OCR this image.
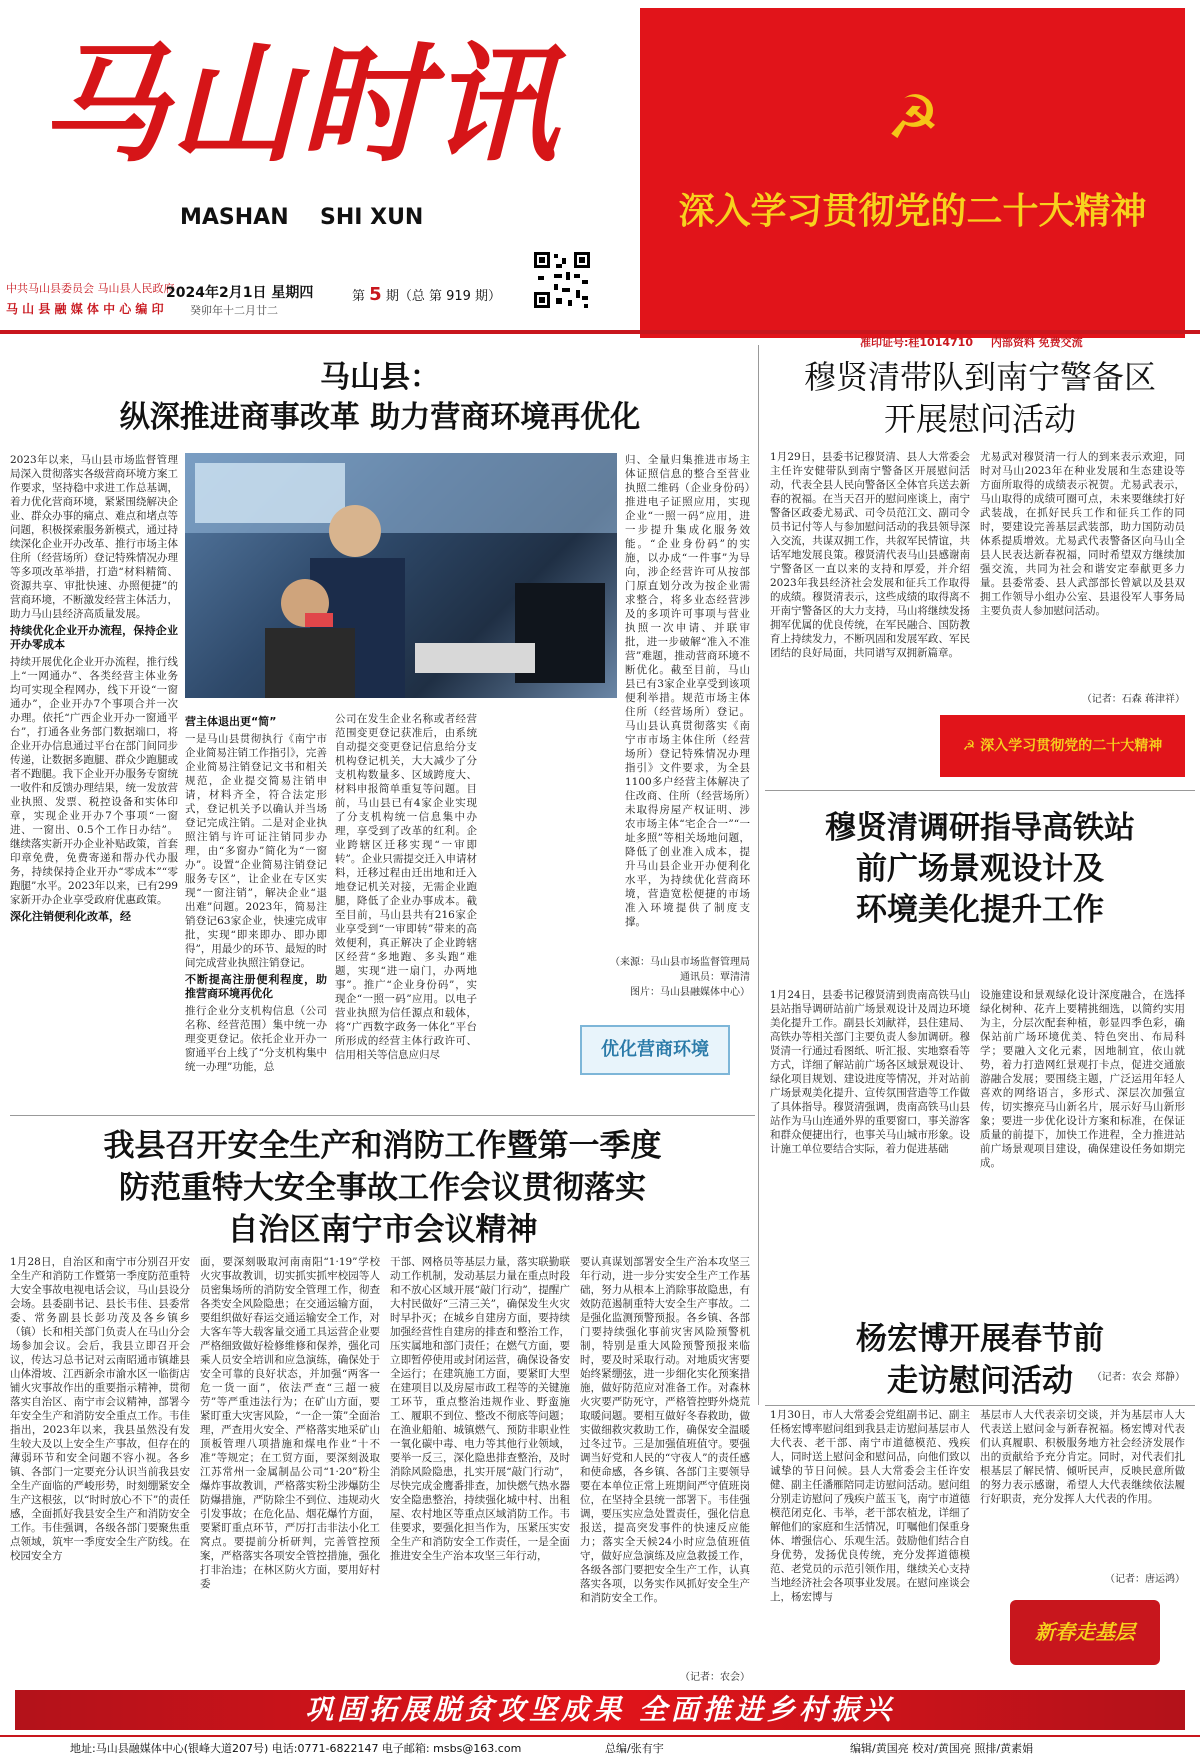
马山时讯
MASHAN SHI XUN
中共马山县委员会 马山县人民政府
马 山 县 融 媒 体 中 心 编 印
2024年2月1日 星期四
癸卯年十二月廿二
第 5 期（总 第 919 期）
☭
深入学习贯彻党的二十大精神
准印证号:桂1014710 内部资料 免费交流
马山县：
纵深推进商事改革 助力营商环境再优化
2023年以来，马山县市场监督管理局深入贯彻落实各级营商环境方案工作要求，坚持稳中求进工作总基调，着力优化营商环境，紧紧围绕解决企业、群众办事的痛点、难点和堵点等问题，积极探索服务新模式，通过持续深化企业开办改革、推行市场主体住所（经营场所）登记特殊情况办理等多项改革举措，打造“材料精简、资源共享、审批快速、办照便捷”的营商环境，不断激发经营主体活力，助力马山县经济高质量发展。
持续优化企业开办流程，保持企业开办零成本
持续开展优化企业开办流程，推行线上“一网通办”、各类经营主体业务均可实现全程网办，线下开设“一窗通办”，企业开办7个事项合并一次办理。依托“广西企业开办一窗通平台”，打通各业务部门数据端口，将企业开办信息通过平台在部门间同步传递，让数据多跑腿、群众少跑腿或者不跑腿。我下企业开办服务专窗统一收件和反馈办理结果，统一发放营业执照、发票、税控设备和实体印章，实现企业开办7个事项“一窗进、一窗出、0.5个工作日办结”。继续落实新开办企业补贴政策，首套印章免费，免费寄递和帮办代办服务，持续保持企业开办“零成本”“零跑腿”水平。2023年以来，已有299家新开办企业享受政府优惠政策。
深化注销便利化改革，经
营主体退出更“简”
一是马山县贯彻执行《南宁市企业简易注销工作指引》，完善企业简易注销登记文书和相关规范，企业提交简易注销申请，材料齐全，符合法定形式，登记机关予以确认并当场登记完成注销。二是对企业执照注销与许可证注销同步办理，由“多窗办”简化为“一窗办”。设置“企业简易注销登记服务专区”，让企业在专区实现“一窗注销”，解决企业“退出难”问题。2023年，简易注销登记63家企业，快速完成审批，实现“即来即办、即办即得”，用最少的环节、最短的时间完成营业执照注销登记。
不断提高注册便利程度，助推营商环境再优化
推行企业分支机构信息（公司名称、经营范围）集中统一办理变更登记。依托企业开办一窗通平台上线了“分支机构集中统一办理”功能，总
公司在发生企业名称或者经营范围变更登记获准后，由系统自动提交变更登记信息给分支机构登记机关，大大减少了分支机构数量多、区域跨度大、材料申报简单重复等问题。目前，马山县已有4家企业实现了分支机构统一信息集中办理，享受到了改革的红利。企业跨辖区迁移实现“一审即转”。企业只需提交迁入申请材料，迁移过程由迁出地和迁入地登记机关对接，无需企业跑腿，降低了企业办事成本。截至目前，马山县共有216家企业享受到“一审即转”带来的高效便利，真正解决了企业跨辖区经营“多地跑、多头跑”难题，实现“进一扇门，办两地事”。推广“企业身份码”，实现企“一照一码”应用。以电子营业执照为信任源点和载体，将“广西数字政务一体化”平台所形成的经营主体行政许可、信用相关等信息应归尽
归、全量归集推进市场主体证照信息的整合至营业执照二维码（企业身份码）推进电子证照应用，实现企业“一照一码”应用，进一步提升集成化服务效能。“企业身份码”的实施，以办成“一件事”为导向，涉企经营许可从按部门原直划分改为按企业需求整合，将多业态经营涉及的多项许可事项与营业执照一次申请、并联审批，进一步破解“准入不准营”难题，推动营商环境不断优化。截至目前，马山县已有3家企业享受到该项便利举措。规范市场主体住所（经营场所）登记。马山县认真贯彻落实《南宁市市场主体住所（经营场所）登记特殊情况办理指引》文件要求，为全县1100多户经营主体解决了住改商、住所（经营场所）未取得房屋产权证明、涉农市场主体“宅企合一”“一址多照”等相关场地问题，降低了创业准入成本，提升马山县企业开办便利化水平，为持续优化营商环境，营造宽松便捷的市场准入环境提供了制度支撑。
（来源：马山县市场监督管理局
通讯员：覃清清
图片：马山县融媒体中心）
优化营商环境
穆贤清带队到南宁警备区
开展慰问活动
1月29日，县委书记穆贤清、县人大常委会主任许安健带队到南宁警备区开展慰问活动，代表全县人民向警备区全体官兵送去新春的祝福。在当天召开的慰问座谈上，南宁警备区政委尤易武、司令员范江文、副司令员书记付等人与参加慰问活动的我县领导深入交流，共谋双拥工作，共叙军民情谊，共话军地发展良策。穆贤清代表马山县感谢南宁警备区一直以来的支持和厚爱，并介绍2023年我县经济社会发展和征兵工作取得的成绩。穆贤清表示，这些成绩的取得离不开南宁警备区的大力支持，马山将继续发扬拥军优属的优良传统，在军民融合、国防教育上持续发力，不断巩固和发展军政、军民团结的良好局面，共同谱写双拥新篇章。
尤易武对穆贤清一行人的到来表示欢迎，同时对马山2023年在种业发展和生态建设等方面所取得的成绩表示祝贺。尤易武表示，马山取得的成绩可圈可点，未来要继续打好武装战，在抓好民兵工作和征兵工作的同时，要建设完善基层武装部，助力国防动员体系提质增效。尤易武代表警备区向马山全县人民表达新春祝福，同时希望双方继续加强交流，共同为社会和谐安定奉献更多力量。县委常委、县人武部部长曾斌以及县双拥工作领导小组办公室、县退役军人事务局主要负责人参加慰问活动。
（记者：石森 蒋津祥）
☭ 深入学习贯彻党的二十大精神
穆贤清调研指导高铁站
前广场景观设计及
环境美化提升工作
1月24日，县委书记穆贤清到贵南高铁马山县站指导调研站前广场景观设计及周边环境美化提升工作。副县长刘献祥，县住建局、高铁办等相关部门主要负责人参加调研。穆贤清一行通过看图纸、听汇报、实地察看等方式，详细了解站前广场各区域景观设计、绿化项目规划、建设进度等情况，并对站前广场景观美化提升、宣传氛围营造等工作做了具体指导。穆贤清强调，贵南高铁马山县站作为马山连通外界的重要窗口，事关游客和群众便捷出行，也事关马山城市形象。设计施工单位要结合实际，着力促进基础
设施建设和景观绿化设计深度融合，在选择绿化树种、花卉上要精挑细选，以简约实用为主，分层次配套种植，彰显四季色彩，确保站前广场环境优美、特色突出、布局科学；要融入文化元素，因地制宜，依山就势，着力打造网红景观打卡点，促进交通旅游融合发展；要围绕主题，广泛运用年轻人喜欢的网络语言，多形式、深层次加强宣传，切实擦亮马山新名片，展示好马山新形象；要进一步优化设计方案和标准，在保证质量的前提下，加快工作进程，全力推进站前广场景观项目建设，确保建设任务如期完成。
（记者：农会 郑静）
我县召开安全生产和消防工作暨第一季度
防范重特大安全事故工作会议贯彻落实
自治区南宁市会议精神
1月28日，自治区和南宁市分别召开安全生产和消防工作暨第一季度防范重特大安全事故电视电话会议，马山县设分会场。县委副书记、县长韦佳、县委常委、常务副县长彭功茂及各乡镇乡（镇）长和相关部门负责人在马山分会场参加会议。会后，我县立即召开会议，传达习总书记对云南昭通市镇雄县山体滑坡、江西新余市渝水区一临街店铺火灾事故作出的重要指示精神，贯彻落实自治区、南宁市会议精神，部署今年安全生产和消防安全重点工作。韦佳指出，2023年以来，我县虽然没有发生较大及以上安全生产事故，但存在的薄弱环节和安全问题不容小视。各乡镇、各部门一定要充分认识当前我县安全生产面临的严峻形势，时刻绷紧安全生产这根弦，以“时时放心不下”的责任感，全面抓好我县安全生产和消防安全工作。韦佳强调，各级各部门要聚焦重点领域，筑牢一季度安全生产防线。在校园安全方
面，要深刻吸取河南南阳“1·19”学校火灾事故教训，切实抓实抓牢校园等人员密集场所的消防安全管理工作，彻查各类安全风险隐患；在交通运输方面，要组织做好春运交通运输安全工作，对大客车等大载客量交通工具运营企业要严格细致做好检修维修和保养，强化司乘人员安全培训和应急演练，确保处于安全可靠的良好状态，并加强“两客一危一货一面”，依法严查“三超一疲劳”等严重违法行为；在矿山方面，要紧盯重大灾害风险，“一企一策”全面治理，严查用火安全、严格落实地采矿山顶板管理八项措施和煤电作业“十不准”等规定；在工贸方面，要深刻汲取江苏常州一金属制品公司“1·20”粉尘爆炸事故教训，严格落实粉尘涉爆防尘防爆措施，严防除尘不到位、违规动火引发事故；在危化品、烟花爆竹方面，要紧盯重点环节，严厉打击非法小化工窝点。要提前分析研判，完善管控预案，严格落实各项安全管控措施，强化打非治违；在林区防火方面，要用好村委
干部、网格员等基层力量，落实联勤联动工作机制，发动基层力量在重点时段和不放心区域开展“敲门行动”，提醒广大村民做好“三清三关”，确保发生火灾时早扑灭；在城乡自建房方面，要持续加强经营性自建房的排查和整治工作，压实属地和部门责任；在燃气方面，要立即暂停使用或封闭运营，确保设备安全运行；在建筑施工方面，要紧盯大型在建项目以及房屋市政工程等的关键施工环节，重点整治违规作业、野蛮施工、履职不到位、整改不彻底等问题；在渔业船舶、城镇燃气、预防非职业性一氧化碳中毒、电力等其他行业领域，要举一反三，深化隐患排查整治，及时消除风险隐患，扎实开展“敲门行动”，尽快完成金鹰番排查，加快燃气热水器安全隐患整治，持续强化城中村、出租屋、农村地区等重点区域消防工作。韦佳要求，要强化担当作为，压紧压实安全生产和消防安全工作责任，一是全面推进安全生产治本攻坚三年行动，
要认真谋划部署安全生产治本攻坚三年行动，进一步分实安全生产工作基础，努力从根本上消除事故隐患，有效防范遏制重特大安全生产事故。二是强化监测预警预报。各乡镇、各部门要持续强化事前灾害风险预警机制，特别是重大风险预警预报来临时，要及时采取行动。对地质灾害要始终紧绷弦，进一步细化实化预案措施，做好防范应对准备工作。对森林火灾要严防死守，严格管控野外烧荒取暖问题。要相互做好冬春救助，做实做细救灾救助工作，确保安全温暖过冬过节。三是加强值班值守。要强调当好党和人民的“守夜人”的责任感和使命感，各乡镇、各部门主要领导要在本单位正常上班期间严守值班岗位，在坚持全县统一部署下。韦佳强调，要压实应急处置责任，强化信息报送，提高突发事件的快速反应能力；落实全天候24小时应急值班值守，做好应急演练及应急救援工作，各级各部门要把安全生产工作，认真落实各项，以务实作风抓好安全生产和消防安全工作。
（记者：农会）
杨宏博开展春节前
走访慰问活动
1月30日，市人大常委会党组副书记、副主任杨宏博率慰问组到我县走访慰问基层市人大代表、老干部、南宁市道德模范、残疾人，同时送上慰问金和慰问品，向他们致以诚挚的节日问候。县人大常委会主任许安健、副主任潘雁陪同走访慰问活动。慰问组分别走访慰问了残疾户蓝玉飞，南宁市道德模范闭克化、韦举，老干部农植龙，详细了解他们的家庭和生活情况，叮嘱他们保重身体、增强信心、乐观生活。鼓励他们结合自身优势，发扬优良传统，充分发挥道德模范、老党员的示范引领作用，继续关心支持当地经济社会各项事业发展。在慰问座谈会上，杨宏博与
基层市人大代表亲切交谈，并为基层市人大代表送上慰问金与新春祝福。杨宏博对代表们认真履职、积极服务地方社会经济发展作出的贡献给予充分肯定。同时，对代表们扎根基层了解民情、倾听民声，反映民意所做的努力表示感谢，希望人大代表继续依法履行好职责，充分发挥人大代表的作用。
（记者：唐运鸿）
新春走基层
巩固拓展脱贫攻坚成果 全面推进乡村振兴
地址:马山县融媒体中心(银峰大道207号) 电话:0771-6822147 电子邮箱: msbs@163.com	总编/张有宇	编辑/黄国亮 校对/黄国亮 照排/黄素娟
